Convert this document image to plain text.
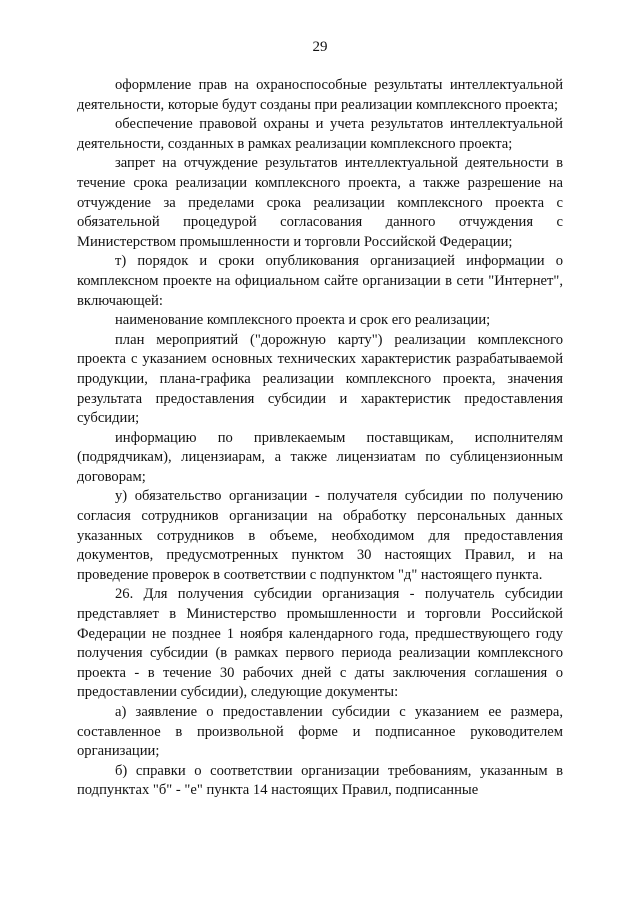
29

оформление прав на охраноспособные результаты интеллектуальной деятельности, которые будут созданы при реализации комплексного проекта;

обеспечение правовой охраны и учета результатов интеллектуальной деятельности, созданных в рамках реализации комплексного проекта;

запрет на отчуждение результатов интеллектуальной деятельности в течение срока реализации комплексного проекта, а также разрешение на отчуждение за пределами срока реализации комплексного проекта с обязательной процедурой согласования данного отчуждения с Министерством промышленности и торговли Российской Федерации;

т) порядок и сроки опубликования организацией информации о комплексном проекте на официальном сайте организации в сети "Интернет", включающей:

наименование комплексного проекта и срок его реализации;

план мероприятий ("дорожную карту") реализации комплексного проекта с указанием основных технических характеристик разрабатываемой продукции, плана-графика реализации комплексного проекта, значения результата предоставления субсидии и характеристик предоставления субсидии;

информацию по привлекаемым поставщикам, исполнителям (подрядчикам), лицензиарам, а также лицензиатам по сублицензионным договорам;

у) обязательство организации - получателя субсидии по получению согласия сотрудников организации на обработку персональных данных указанных сотрудников в объеме, необходимом для предоставления документов, предусмотренных пунктом 30 настоящих Правил, и на проведение проверок в соответствии с подпунктом "д" настоящего пункта.

26. Для получения субсидии организация - получатель субсидии представляет в Министерство промышленности и торговли Российской Федерации не позднее 1 ноября календарного года, предшествующего году получения субсидии (в рамках первого периода реализации комплексного проекта - в течение 30 рабочих дней с даты заключения соглашения о предоставлении субсидии), следующие документы:

а) заявление о предоставлении субсидии с указанием ее размера, составленное в произвольной форме и подписанное руководителем организации;

б) справки о соответствии организации требованиям, указанным в подпунктах "б" - "е" пункта 14 настоящих Правил, подписанные
